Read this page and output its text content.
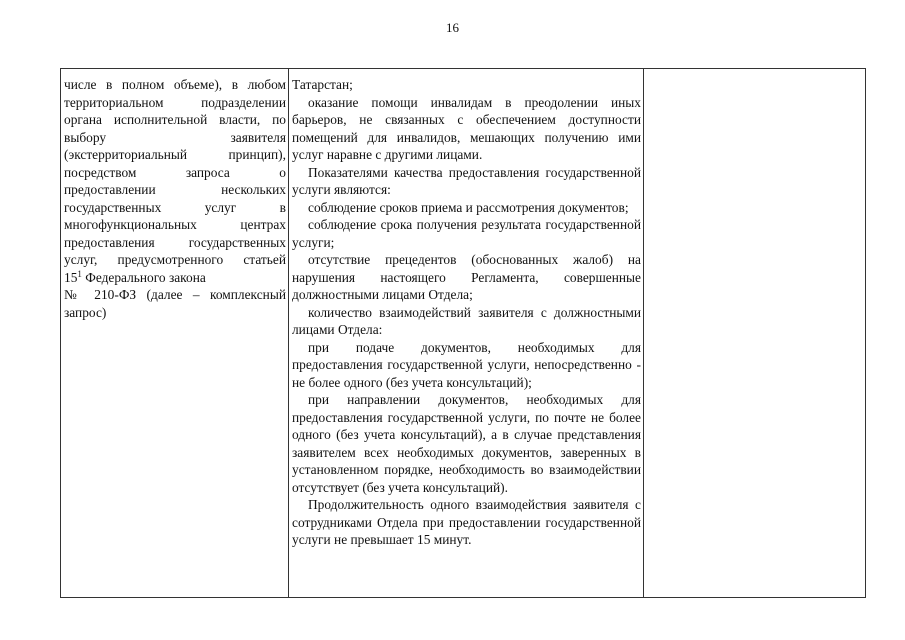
16
числе в полном объеме), в любом
территориальном подразделении
органа исполнительной власти, по
выбору заявителя
(экстерриториальный принцип),
посредством запроса о
предоставлении нескольких
государственных услуг в
многофункциональных центрах
предоставления государственных
услуг, предусмотренного статьей
$15^1$ Федерального закона
№ 210-ФЗ (далее – комплексный
запрос)

Татарстан;

оказание помощи инвалидам в преодолении иных барьеров, не связанных с обеспечением доступности помещений для инвалидов, мешающих получению ими услуг наравне с другими лицами.

Показателями качества предоставления государственной услуги являются:

соблюдение сроков приема и рассмотрения документов;

соблюдение срока получения результата государственной услуги;

отсутствие прецедентов (обоснованных жалоб) на нарушения настоящего Регламента, совершенные должностными лицами Отдела;

количество взаимодействий заявителя с должностными лицами Отдела:

при подаче документов, необходимых для предоставления государственной услуги, непосредственно - не более одного (без учета консультаций);

при направлении документов, необходимых для предоставления государственной услуги, по почте не более одного (без учета консультаций), а в случае представления заявителем всех необходимых документов, заверенных в установленном порядке, необходимость во взаимодействии отсутствует (без учета консультаций).

Продолжительность одного взаимодействия заявителя с сотрудниками Отдела при предоставлении государственной услуги не превышает 15 минут.
